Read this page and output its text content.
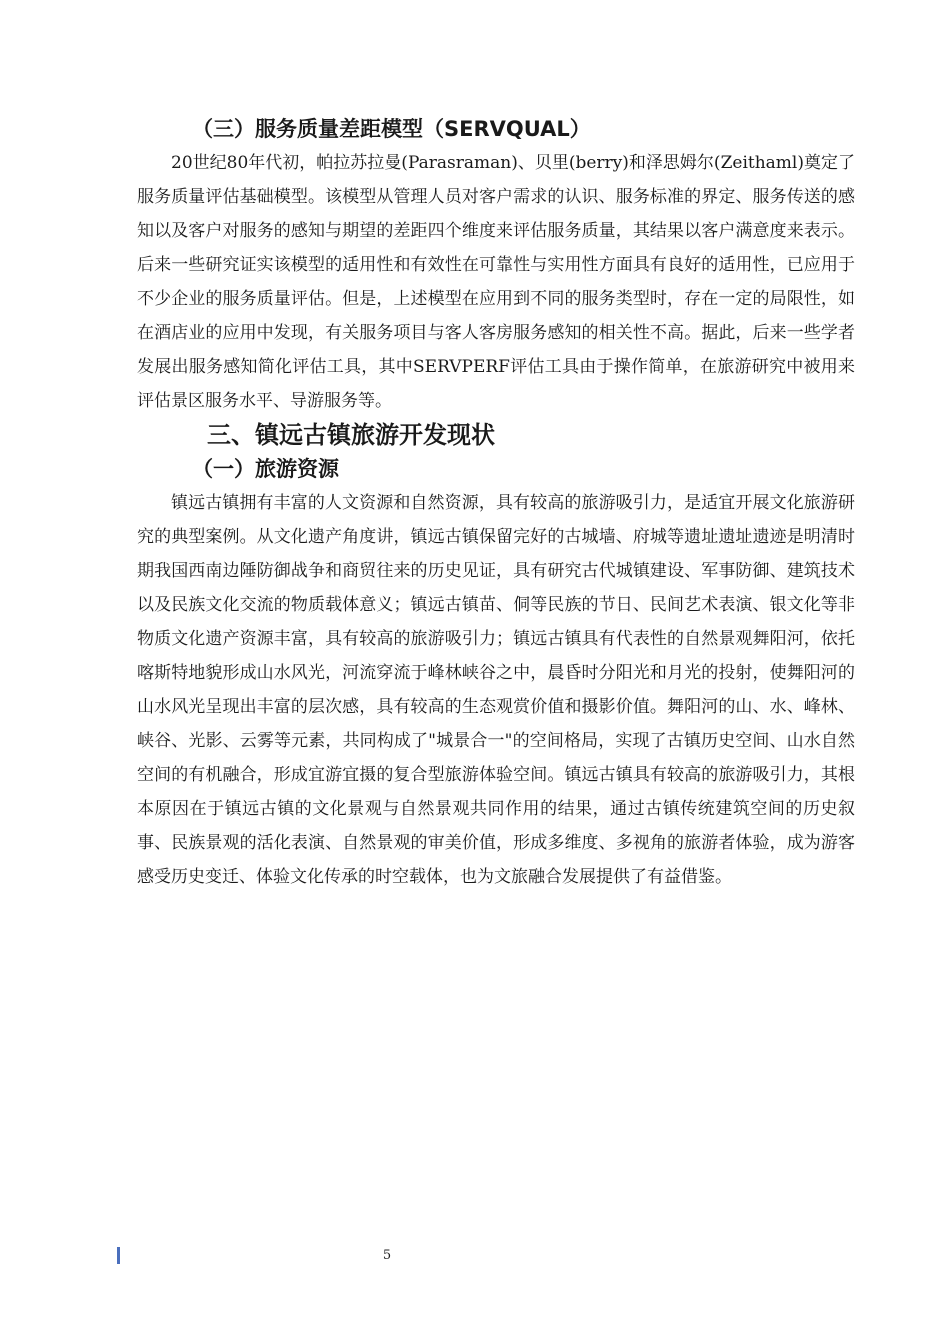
（三）服务质量差距模型（SERVQUAL）

20世纪80年代初，帕拉苏拉曼(Parasraman)、贝里(berry)和泽思姆尔(Zeithaml)奠定了服务质量评估基础模型。该模型从管理人员对客户需求的认识、服务标准的界定、服务传送的感知以及客户对服务的感知与期望的差距四个维度来评估服务质量，其结果以客户满意度来表示。后来一些研究证实该模型的适用性和有效性在可靠性与实用性方面具有良好的适用性，已应用于不少企业的服务质量评估。但是，上述模型在应用到不同的服务类型时，存在一定的局限性，如在酒店业的应用中发现，有关服务项目与客人客房服务感知的相关性不高。据此，后来一些学者发展出服务感知简化评估工具，其中SERVPERF评估工具由于操作简单，在旅游研究中被用来评估景区服务水平、导游服务等。

三、镇远古镇旅游开发现状
（一）旅游资源

镇远古镇拥有丰富的人文资源和自然资源，具有较高的旅游吸引力，是适宜开展文化旅游研究的典型案例。从文化遗产角度讲，镇远古镇保留完好的古城墙、府城等遗址遗址遗迹是明清时期我国西南边陲防御战争和商贸往来的历史见证，具有研究古代城镇建设、军事防御、建筑技术以及民族文化交流的物质载体意义；镇远古镇苗、侗等民族的节日、民间艺术表演、银文化等非物质文化遗产资源丰富，具有较高的旅游吸引力；镇远古镇具有代表性的自然景观舞阳河，依托喀斯特地貌形成山水风光，河流穿流于峰林峡谷之中，晨昏时分阳光和月光的投射，使舞阳河的山水风光呈现出丰富的层次感，具有较高的生态观赏价值和摄影价值。舞阳河的山、水、峰林、峡谷、光影、云雾等元素，共同构成了"城景合一"的空间格局，实现了古镇历史空间、山水自然空间的有机融合，形成宜游宜摄的复合型旅游体验空间。镇远古镇具有较高的旅游吸引力，其根本原因在于镇远古镇的文化景观与自然景观共同作用的结果，通过古镇传统建筑空间的历史叙事、民族景观的活化表演、自然景观的审美价值，形成多维度、多视角的旅游者体验，成为游客感受历史变迁、体验文化传承的时空载体，也为文旅融合发展提供了有益借鉴。

5
